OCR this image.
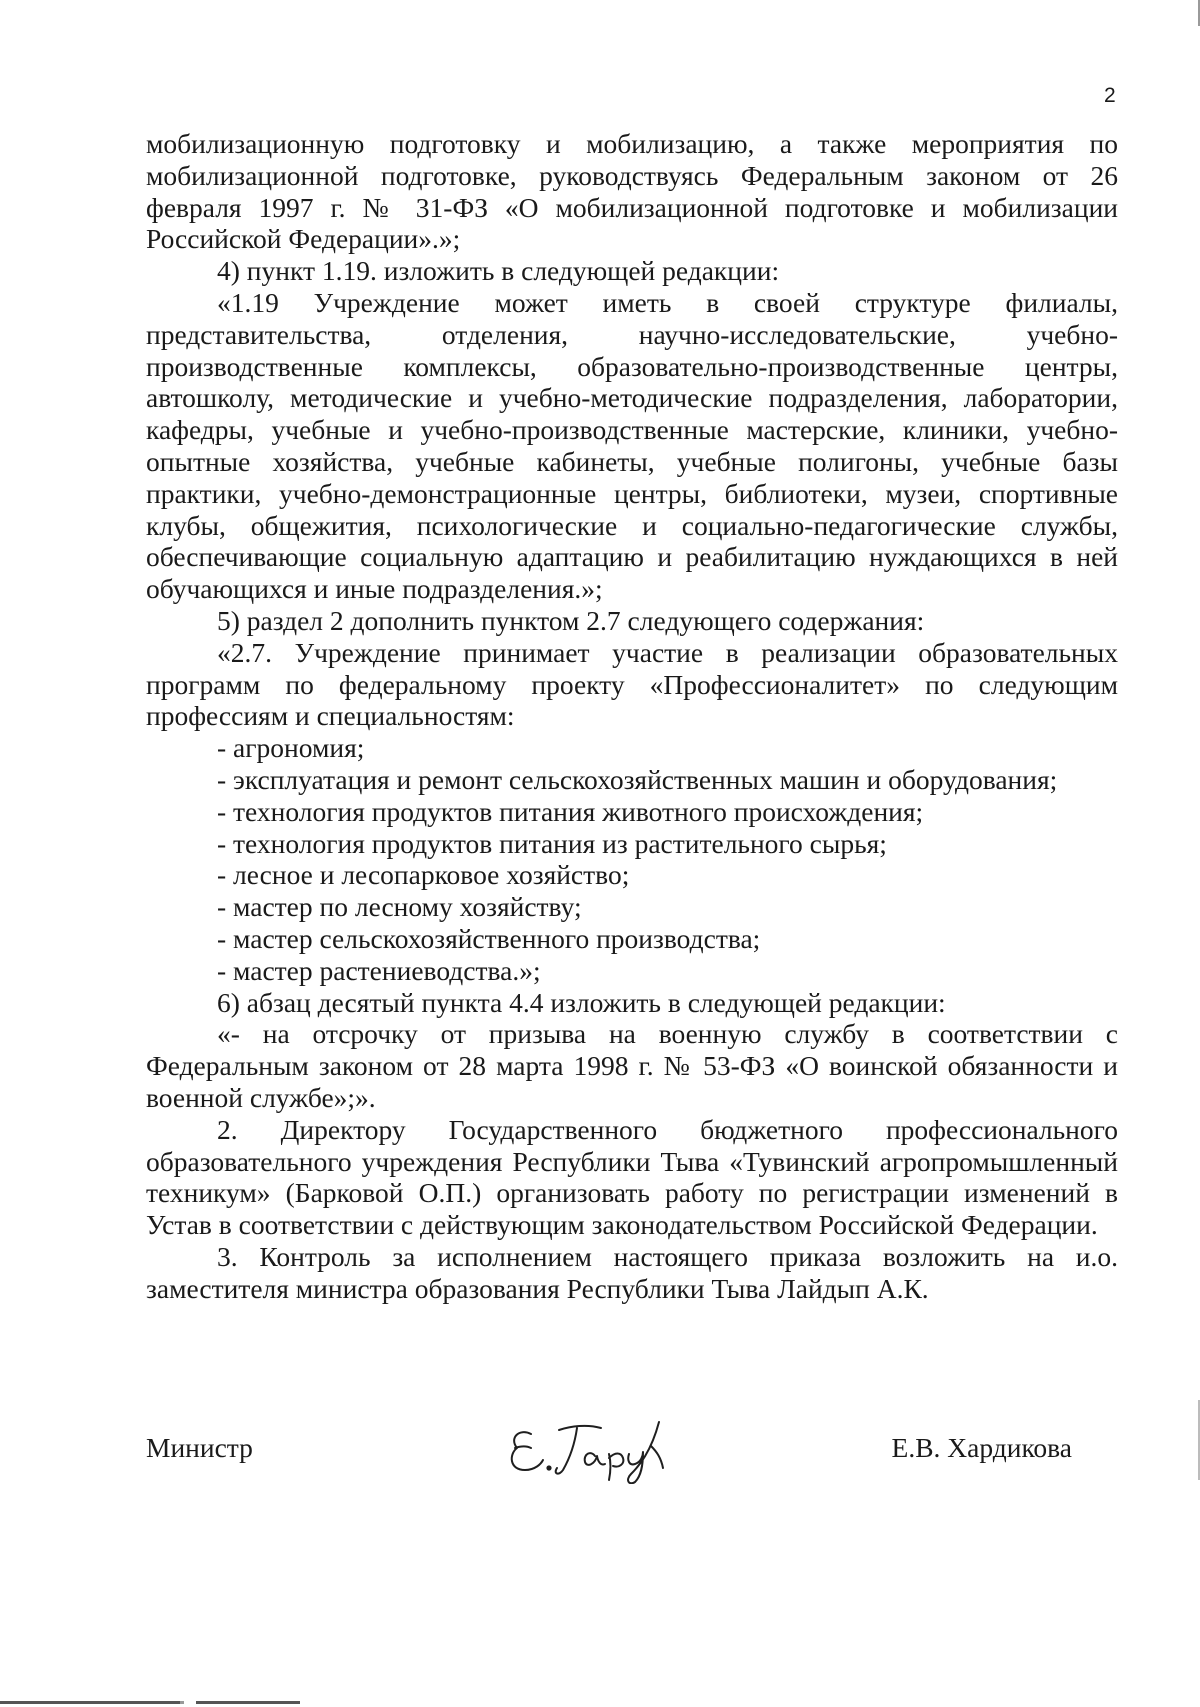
2

мобилизационную подготовку и мобилизацию, а также мероприятия по мобилизационной подготовке, руководствуясь Федеральным законом от 26 февраля 1997 г. № 31-ФЗ «О мобилизационной подготовке и мобилизации Российской Федерации».»;

4) пункт 1.19. изложить в следующей редакции:

«1.19 Учреждение может иметь в своей структуре филиалы, представительства, отделения, научно-исследовательские, учебно-производственные комплексы, образовательно-производственные центры, автошколу, методические и учебно-методические подразделения, лаборатории, кафедры, учебные и учебно-производственные мастерские, клиники, учебно-опытные хозяйства, учебные кабинеты, учебные полигоны, учебные базы практики, учебно-демонстрационные центры, библиотеки, музеи, спортивные клубы, общежития, психологические и социально-педагогические службы, обеспечивающие социальную адаптацию и реабилитацию нуждающихся в ней обучающихся и иные подразделения.»;

5) раздел 2 дополнить пунктом 2.7 следующего содержания:

«2.7. Учреждение принимает участие в реализации образовательных программ по федеральному проекту «Профессионалитет» по следующим профессиям и специальностям:

- агрономия;

- эксплуатация и ремонт сельскохозяйственных машин и оборудования;

- технология продуктов питания животного происхождения;

- технология продуктов питания из растительного сырья;

- лесное и лесопарковое хозяйство;

- мастер по лесному хозяйству;

- мастер сельскохозяйственного производства;

- мастер растениеводства.»;

6) абзац десятый пункта 4.4 изложить в следующей редакции:

«- на отсрочку от призыва на военную службу в соответствии с Федеральным законом от 28 марта 1998 г. № 53-ФЗ «О воинской обязанности и военной службе»;».

2. Директору Государственного бюджетного профессионального образовательного учреждения Республики Тыва «Тувинский агропромышленный техникум» (Барковой О.П.) организовать работу по регистрации изменений в Устав в соответствии с действующим законодательством Российской Федерации.

3. Контроль за исполнением настоящего приказа возложить на и.о. заместителя министра образования Республики Тыва Лайдып А.К.

Министр	Е.В. Хардикова
